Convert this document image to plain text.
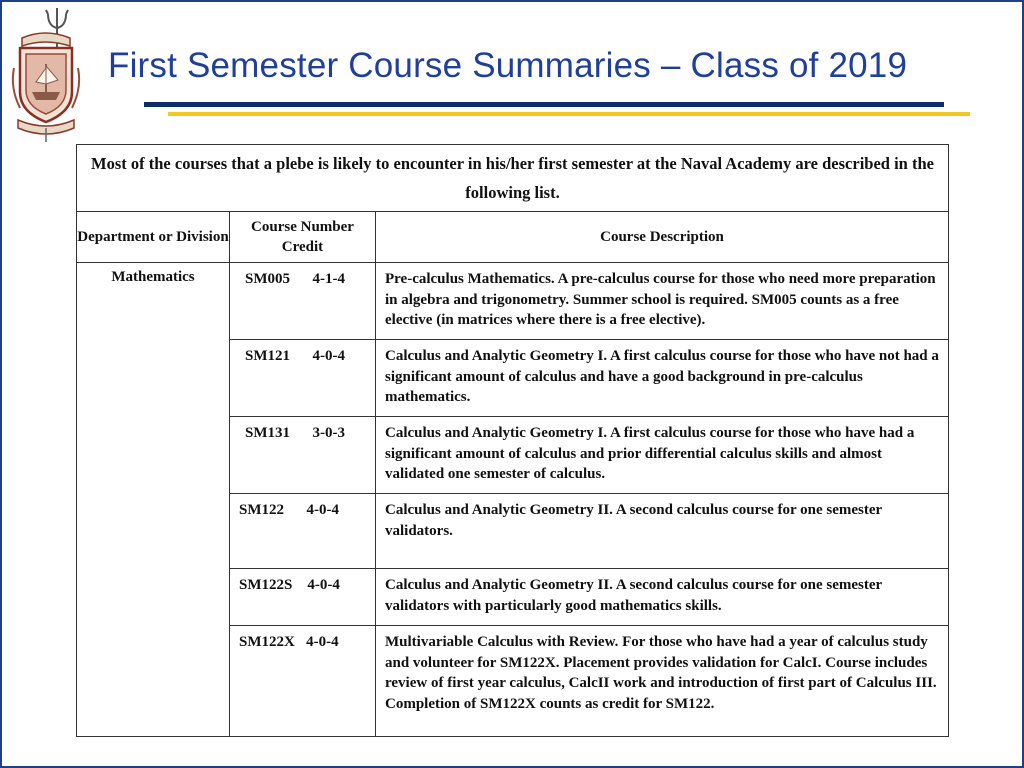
First Semester Course Summaries – Class of 2019
Most of the courses that a plebe is likely to encounter in his/her first semester at the Naval Academy are described in the following list.		
Department or Division	Course Number Credit	Course Description
Mathematics	SM005      4-1-4	Pre-calculus Mathematics. A pre-calculus course for those who need more preparation in algebra and trigonometry. Summer school is required. SM005 counts as a free elective (in matrices where there is a free elective).
	SM121      4-0-4	Calculus and Analytic Geometry I. A first calculus course for those who have not had a significant amount of calculus and have a good background in pre-calculus mathematics.
	SM131      3-0-3	Calculus and Analytic Geometry I. A first calculus course for those who have had a significant amount of calculus and prior differential calculus skills and almost validated one semester of calculus.
	SM122      4-0-4	Calculus and Analytic Geometry II. A second calculus course for one semester validators.
	SM122S    4-0-4	Calculus and Analytic Geometry II. A second calculus course for one semester validators with particularly good mathematics skills.
	SM122X   4-0-4	Multivariable Calculus with Review. For those who have had a year of calculus study and volunteer for SM122X. Placement provides validation for CalcI. Course includes review of first year calculus, CalcII work and introduction of first part of Calculus III. Completion of SM122X counts as credit for SM122.
